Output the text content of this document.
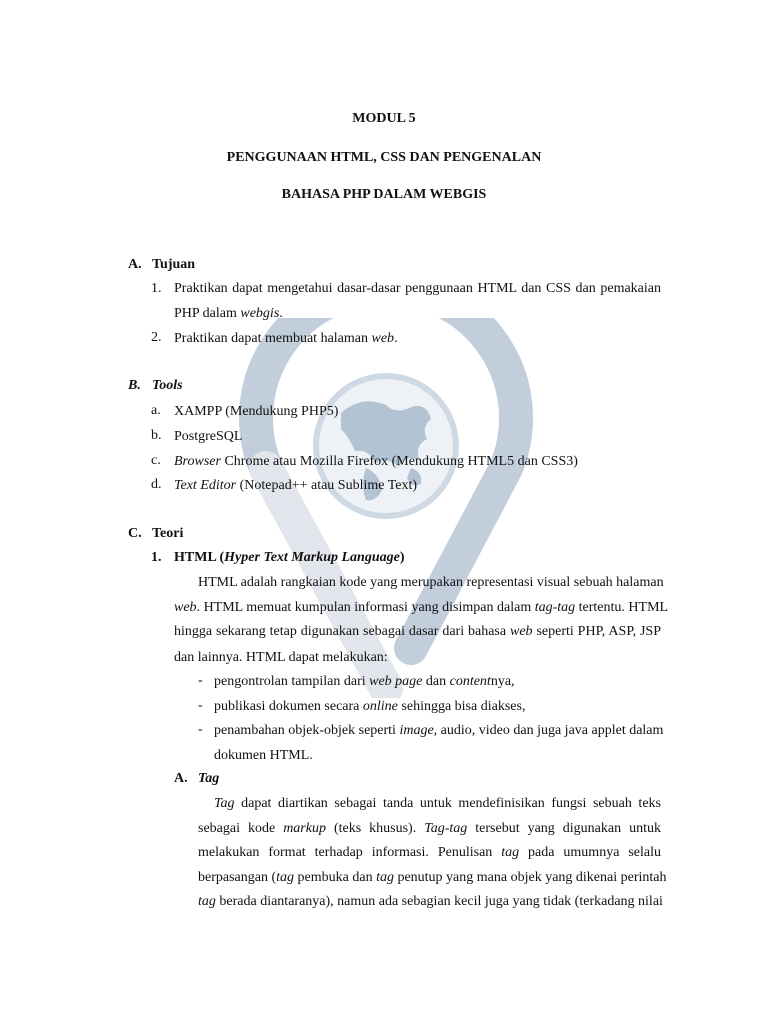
MODUL 5
PENGGUNAAN HTML, CSS DAN PENGENALAN
BAHASA PHP DALAM WEBGIS
A. Tujuan
1. Praktikan dapat mengetahui dasar-dasar penggunaan HTML dan CSS dan pemakaian
PHP dalam webgis.
2. Praktikan dapat membuat halaman web.
B. Tools
a. XAMPP (Mendukung PHP5)
b. PostgreSQL
c. Browser Chrome atau Mozilla Firefox (Mendukung HTML5 dan CSS3)
d. Text Editor (Notepad++ atau Sublime Text)
C. Teori
1. HTML (Hyper Text Markup Language)
HTML adalah rangkaian kode yang merupakan representasi visual sebuah halaman
web. HTML memuat kumpulan informasi yang disimpan dalam tag-tag tertentu. HTML
hingga sekarang tetap digunakan sebagai dasar dari bahasa web seperti PHP, ASP, JSP
dan lainnya. HTML dapat melakukan:
- pengontrolan tampilan dari web page dan contentnya,
- publikasi dokumen secara online sehingga bisa diakses,
- penambahan objek-objek seperti image, audio, video dan juga java applet dalam
dokumen HTML.
A. Tag
Tag dapat diartikan sebagai tanda untuk mendefinisikan fungsi sebuah teks
sebagai kode markup (teks khusus). Tag-tag tersebut yang digunakan untuk
melakukan format terhadap informasi. Penulisan tag pada umumnya selalu
berpasangan (tag pembuka dan tag penutup yang mana objek yang dikenai perintah
tag berada diantaranya), namun ada sebagian kecil juga yang tidak (terkadang nilai
